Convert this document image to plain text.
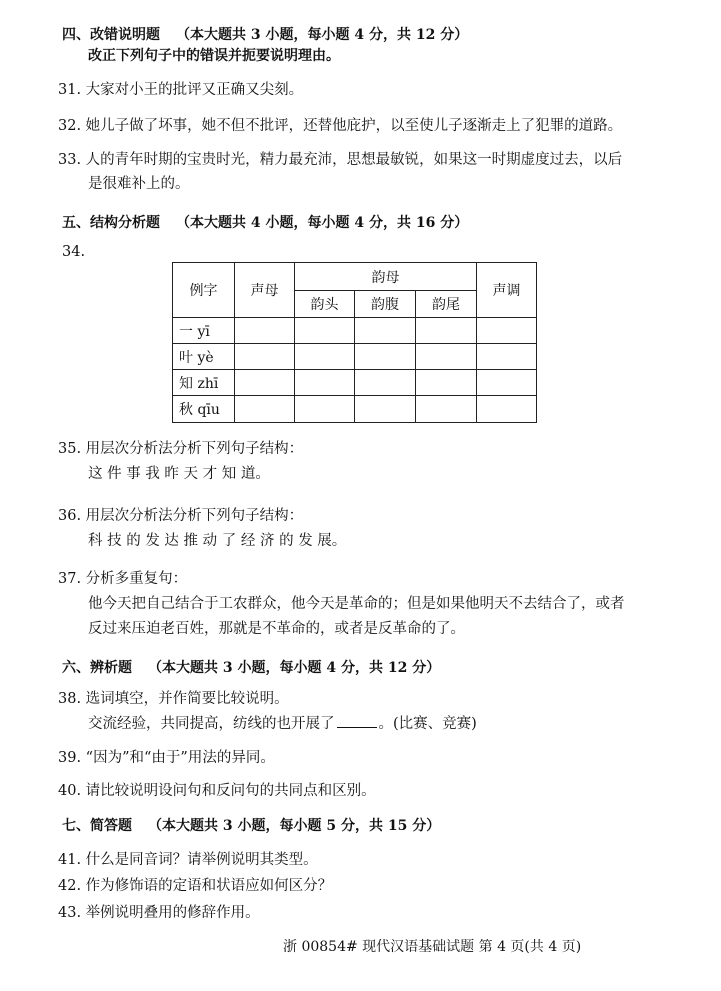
四、改错说明题 （本大题共 3 小题，每小题 4 分，共 12 分）
改正下列句子中的错误并扼要说明理由。
31. 大家对小王的批评又正确又尖刻。
32. 她儿子做了坏事，她不但不批评，还替他庇护，以至使儿子逐渐走上了犯罪的道路。
33. 人的青年时期的宝贵时光，精力最充沛，思想最敏锐，如果这一时期虚度过去，以后
是很难补上的。
五、结构分析题 （本大题共 4 小题，每小题 4 分，共 16 分）
34.
例字	声母	韵母			声调
		韵头	韵腹	韵尾	
一 yī					
叶 yè					
知 zhī					
秋 qīu					
35. 用层次分析法分析下列句子结构：
这 件 事 我 昨 天 才 知 道。
36. 用层次分析法分析下列句子结构：
科 技 的 发 达 推 动 了 经 济 的 发 展。
37. 分析多重复句：
他今天把自己结合于工农群众，他今天是革命的；但是如果他明天不去结合了，或者
反过来压迫老百姓，那就是不革命的，或者是反革命的了。
六、辨析题 （本大题共 3 小题，每小题 4 分，共 12 分）
38. 选词填空，并作简要比较说明。
交流经验，共同提高，纺线的也开展了	。(比赛、竞赛)
39. “因为”和“由于”用法的异同。
40. 请比较说明设问句和反问句的共同点和区别。
七、简答题 （本大题共 3 小题，每小题 5 分，共 15 分）
41. 什么是同音词？请举例说明其类型。
42. 作为修饰语的定语和状语应如何区分？
43. 举例说明叠用的修辞作用。
浙 00854# 现代汉语基础试题 第 4 页(共 4 页)
